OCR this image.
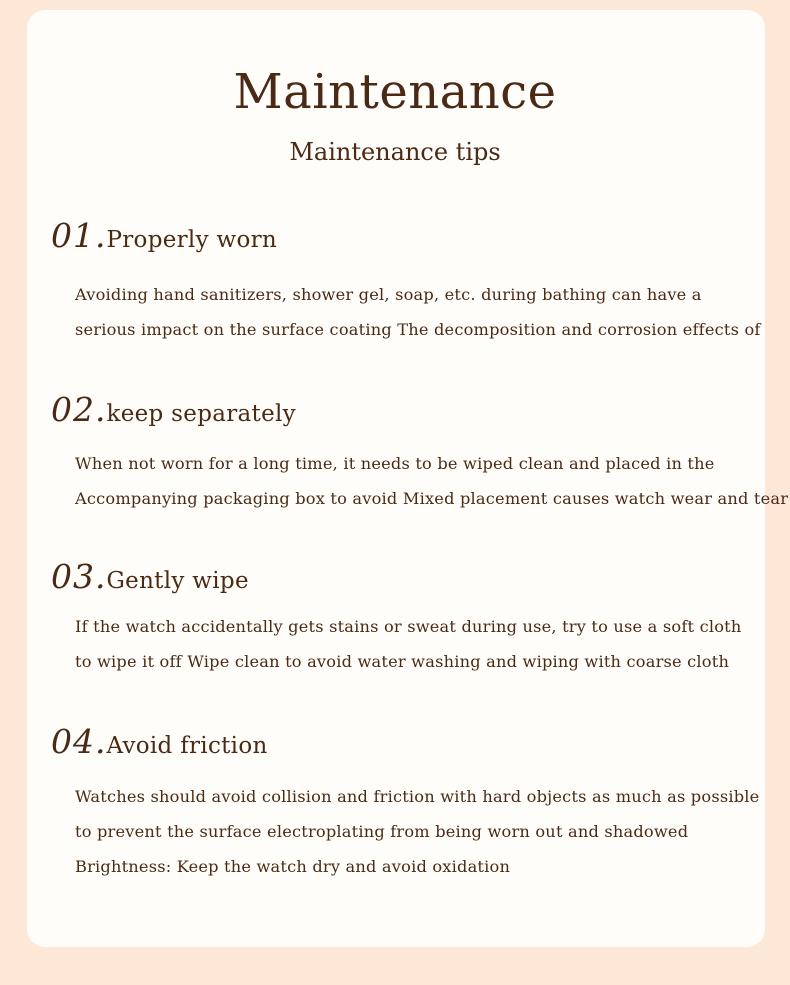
Maintenance
Maintenance tips
01.Properly worn
Avoiding hand sanitizers, shower gel, soap, etc. during bathing can have a
serious impact on the surface coating The decomposition and corrosion effects of
02.keep separately
When not worn for a long time, it needs to be wiped clean and placed in the
Accompanying packaging box to avoid Mixed placement causes watch wear and tear
03.Gently wipe
If the watch accidentally gets stains or sweat during use, try to use a soft cloth
to wipe it off Wipe clean to avoid water washing and wiping with coarse cloth
04.Avoid friction
Watches should avoid collision and friction with hard objects as much as possible
to prevent the surface electroplating from being worn out and shadowed
Brightness: Keep the watch dry and avoid oxidation
